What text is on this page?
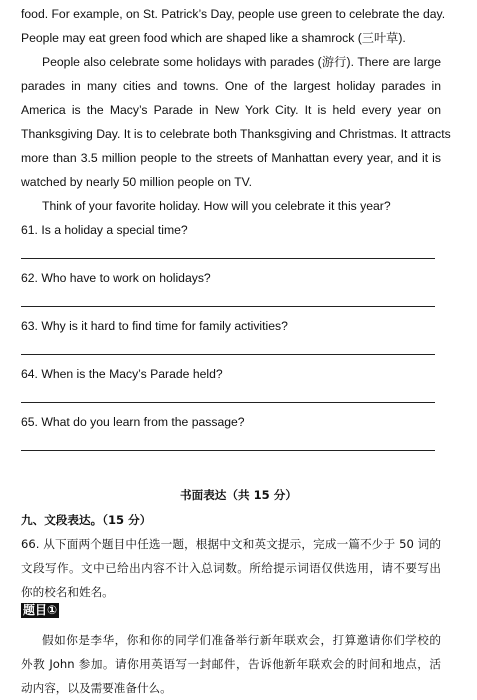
food. For example, on St. Patrick’s Day, people use green to celebrate the day.
People may eat green food which are shaped like a shamrock (三叶草).
People also celebrate some holidays with parades (游行). There are large
parades in many cities and towns. One of the largest holiday parades in
America is the Macy’s Parade in New York City. It is held every year on
Thanksgiving Day. It is to celebrate both Thanksgiving and Christmas. It attracts
more than 3.5 million people to the streets of Manhattan every year, and it is
watched by nearly 50 million people on TV.
Think of your favorite holiday. How will you celebrate it this year?
61. Is a holiday a special time?
62. Who have to work on holidays?
63. Why is it hard to find time for family activities?
64. When is the Macy’s Parade held?
65. What do you learn from the passage?
书面表达（共 15 分）
九、文段表达。（15 分）
66. 从下面两个题目中任选一题，根据中文和英文提示，完成一篇不少于 50 词的
文段写作。文中已给出内容不计入总词数。所给提示词语仅供选用，请不要写出
你的校名和姓名。
题目①
假如你是李华，你和你的同学们准备举行新年联欢会，打算邀请你们学校的
外教 John 参加。请你用英语写一封邮件，告诉他新年联欢会的时间和地点，活
动内容，以及需要准备什么。
